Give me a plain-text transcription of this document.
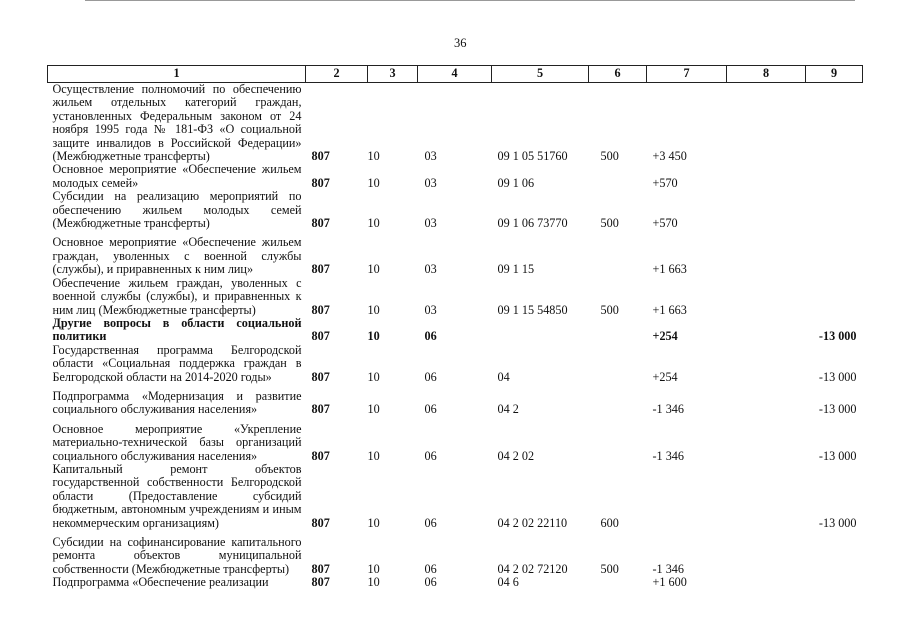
36
1	2	3	4	5	6	7	8	9
Осуществление полномочий по обеспечению жильем отдельных категорий граждан, установленных Федеральным законом от 24 ноября 1995 года № 181-ФЗ «О социальной защите инвалидов в Российской Федерации» (Межбюджетные трансферты)	807	10	03	09 1 05 51760	500	+3 450		
Основное мероприятие «Обеспечение жильем молодых семей»	807	10	03	09 1 06		+570		
Субсидии на реализацию мероприятий по обеспечению жильем молодых семей (Межбюджетные трансферты)	807	10	03	09 1 06 73770	500	+570		

Основное мероприятие «Обеспечение жильем граждан, уволенных с военной службы (службы), и приравненных к ним лиц»	807	10	03	09 1 15		+1 663		
Обеспечение жильем граждан, уволенных с военной службы (службы), и приравненных к ним лиц (Межбюджетные трансферты)	807	10	03	09 1 15 54850	500	+1 663		
Другие вопросы в области социальной политики	807	10	06			+254		-13 000
Государственная программа Белгородской области «Социальная поддержка граждан в Белгородской области на 2014-2020 годы»	807	10	06	04		+254		-13 000

Подпрограмма «Модернизация и развитие социального обслуживания населения»	807	10	06	04 2		-1 346		-13 000

Основное мероприятие «Укрепление материально-технической базы организаций социального обслуживания населения»	807	10	06	04 2 02		-1 346		-13 000
Капитальный ремонт объектов государственной собственности Белгородской области (Предоставление субсидий бюджетным, автономным учреждениям и иным некоммерческим организациям)	807	10	06	04 2 02 22110	600			-13 000

Субсидии на софинансирование капитального ремонта объектов муниципальной собственности (Межбюджетные трансферты)	807	10	06	04 2 02 72120	500	-1 346		
Подпрограмма «Обеспечение реализации	807	10	06	04 6		+1 600		
